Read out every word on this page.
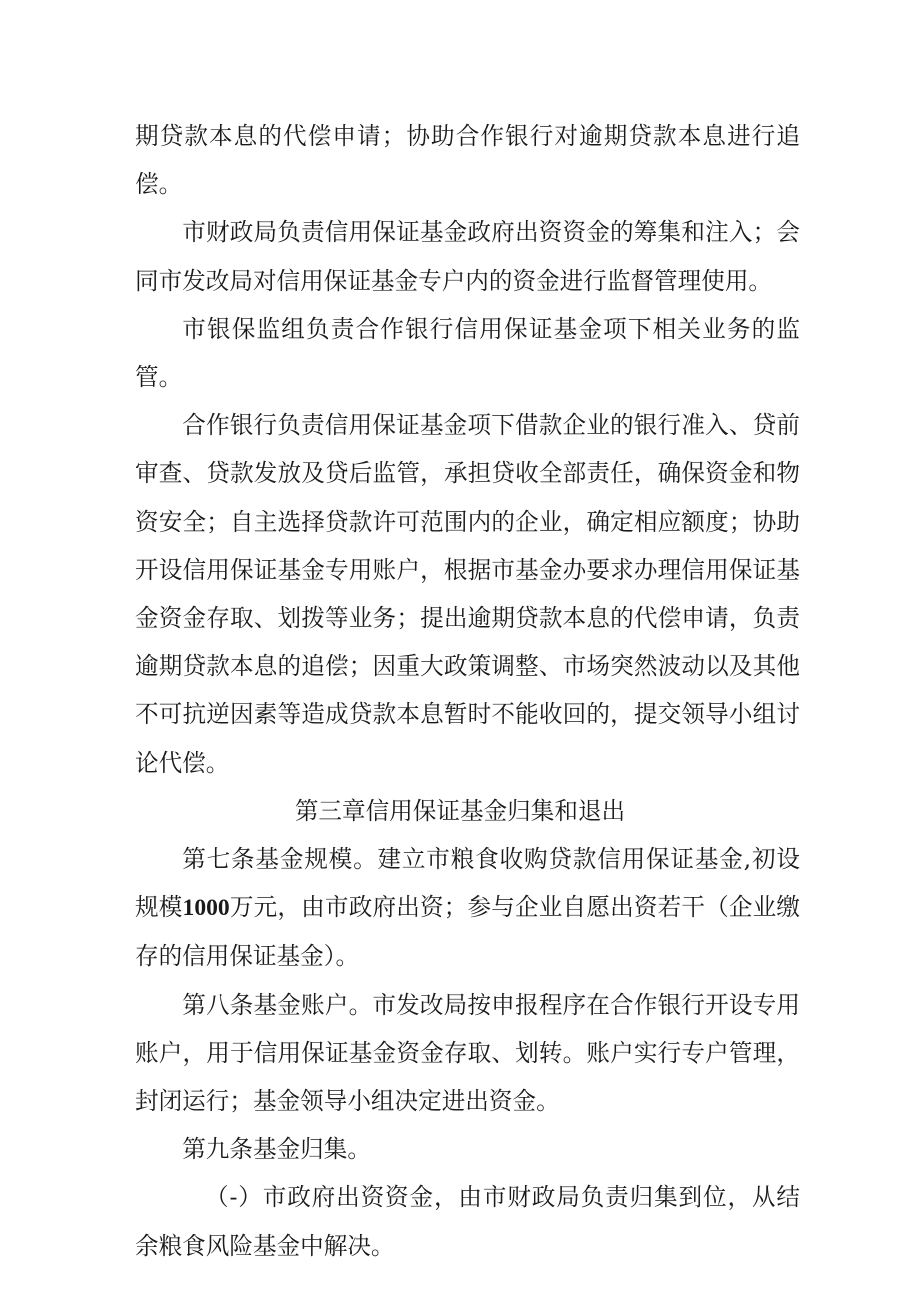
期贷款本息的代偿申请；协助合作银行对逾期贷款本息进行追偿。

市财政局负责信用保证基金政府出资资金的筹集和注入；会同市发改局对信用保证基金专户内的资金进行监督管理使用。

市银保监组负责合作银行信用保证基金项下相关业务的监管。

合作银行负责信用保证基金项下借款企业的银行准入、贷前审查、贷款发放及贷后监管，承担贷收全部责任，确保资金和物资安全；自主选择贷款许可范围内的企业，确定相应额度；协助开设信用保证基金专用账户，根据市基金办要求办理信用保证基金资金存取、划拨等业务；提出逾期贷款本息的代偿申请，负责逾期贷款本息的追偿；因重大政策调整、市场突然波动以及其他不可抗逆因素等造成贷款本息暂时不能收回的，提交领导小组讨论代偿。

第三章信用保证基金归集和退出

第七条基金规模。建立市粮食收购贷款信用保证基金,初设规模1000万元，由市政府出资；参与企业自愿出资若干（企业缴存的信用保证基金）。

第八条基金账户。市发改局按申报程序在合作银行开设专用账户，用于信用保证基金资金存取、划转。账户实行专户管理，封闭运行；基金领导小组决定进出资金。

第九条基金归集。

（-）市政府出资资金，由市财政局负责归集到位，从结余粮食风险基金中解决。
